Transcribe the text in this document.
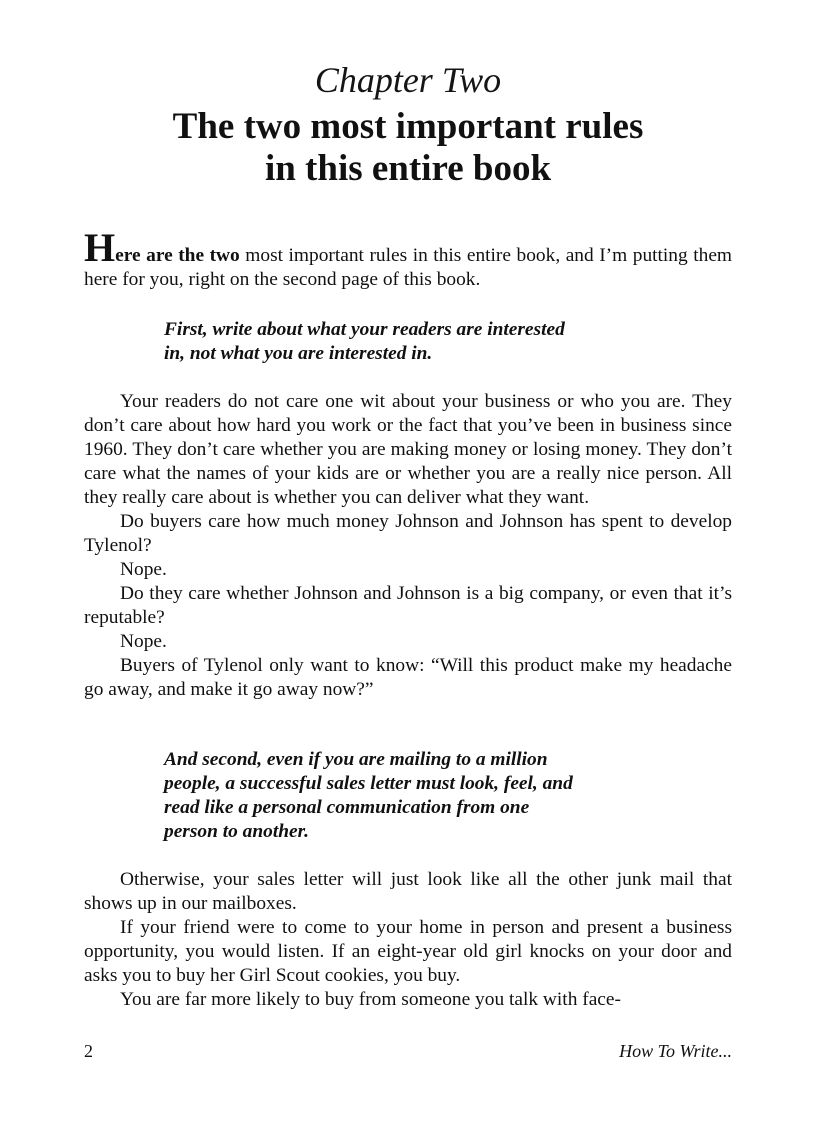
Chapter Two
The two most important rules
in this entire book
Here are the two most important rules in this entire book, and I’m putting them here for you, right on the second page of this book.

First, write about what your readers are interested

in, not what you are interested in.

Your readers do not care one wit about your business or who you are. They don’t care about how hard you work or the fact that you’ve been in business since 1960. They don’t care whether you are making money or losing money. They don’t care what the names of your kids are or whether you are a really nice person. All they really care about is whether you can deliver what they want.

Do buyers care how much money Johnson and Johnson has spent to develop Tylenol?

Nope.

Do they care whether Johnson and Johnson is a big company, or even that it’s reputable?

Nope.

Buyers of Tylenol only want to know: “Will this product make my headache go away, and make it go away now?”

And second, even if you are mailing to a million

people, a successful sales letter must look, feel, and

read like a personal communication from one

person to another.

Otherwise, your sales letter will just look like all the other junk mail that shows up in our mailboxes.

If your friend were to come to your home in person and present a business opportunity, you would listen. If an eight-year old girl knocks on your door and asks you to buy her Girl Scout cookies, you buy.

You are far more likely to buy from someone you talk with face-

2	How To Write...
